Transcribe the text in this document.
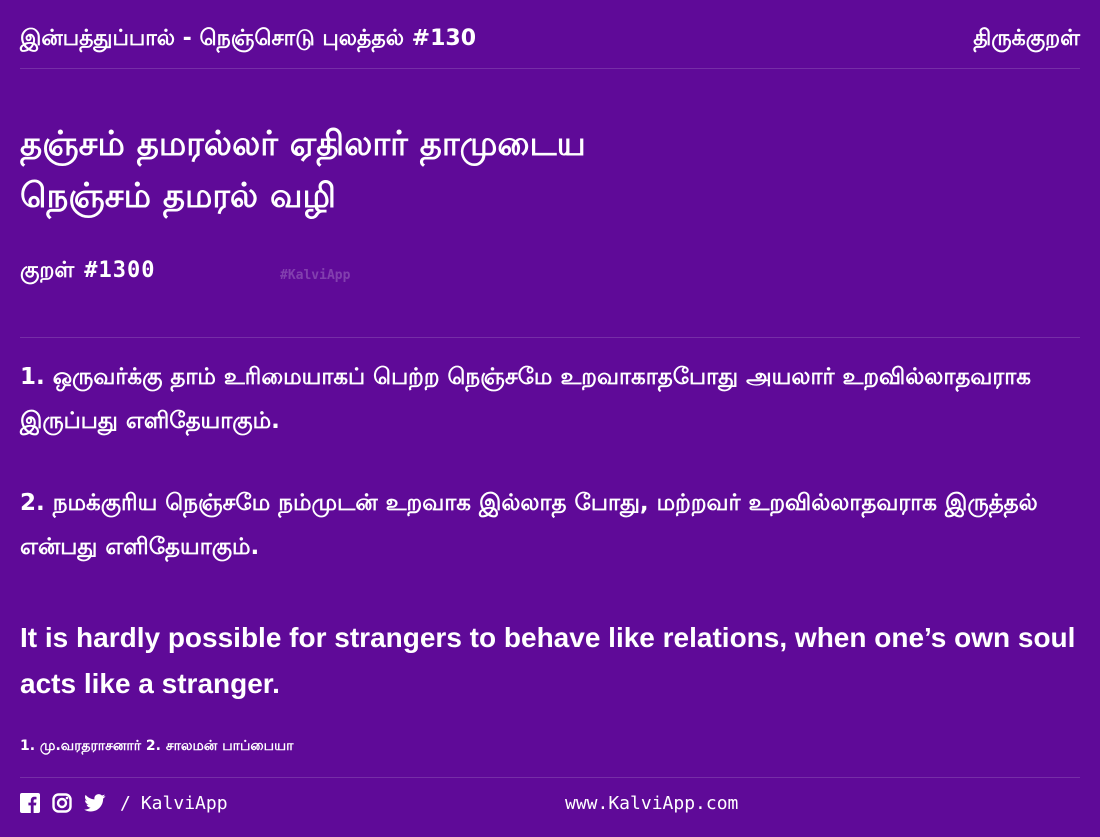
இன்பத்துப்பால் - நெஞ்சொடு புலத்தல் #130	திருக்குறள்
தஞ்சம் தமரல்லர் ஏதிலார் தாமுடைய
நெஞ்சம் தமரல் வழி
குறள் #1300	#KalviApp

1. ஒருவர்க்கு தாம் உரிமையாகப் பெற்ற நெஞ்சமே உறவாகாதபோது அயலார் உறவில்லாதவராக இருப்பது எளிதேயாகும்.

2. நமக்குரிய நெஞ்சமே நம்முடன் உறவாக இல்லாத போது, மற்றவர் உறவில்லாதவராக இருத்தல் என்பது எளிதேயாகும்.

It is hardly possible for strangers to behave like relations, when one’s own soul acts like a stranger.
1. மு.வரதராசனார் 2. சாலமன் பாப்பையா
/ KalviApp	www.KalviApp.com
